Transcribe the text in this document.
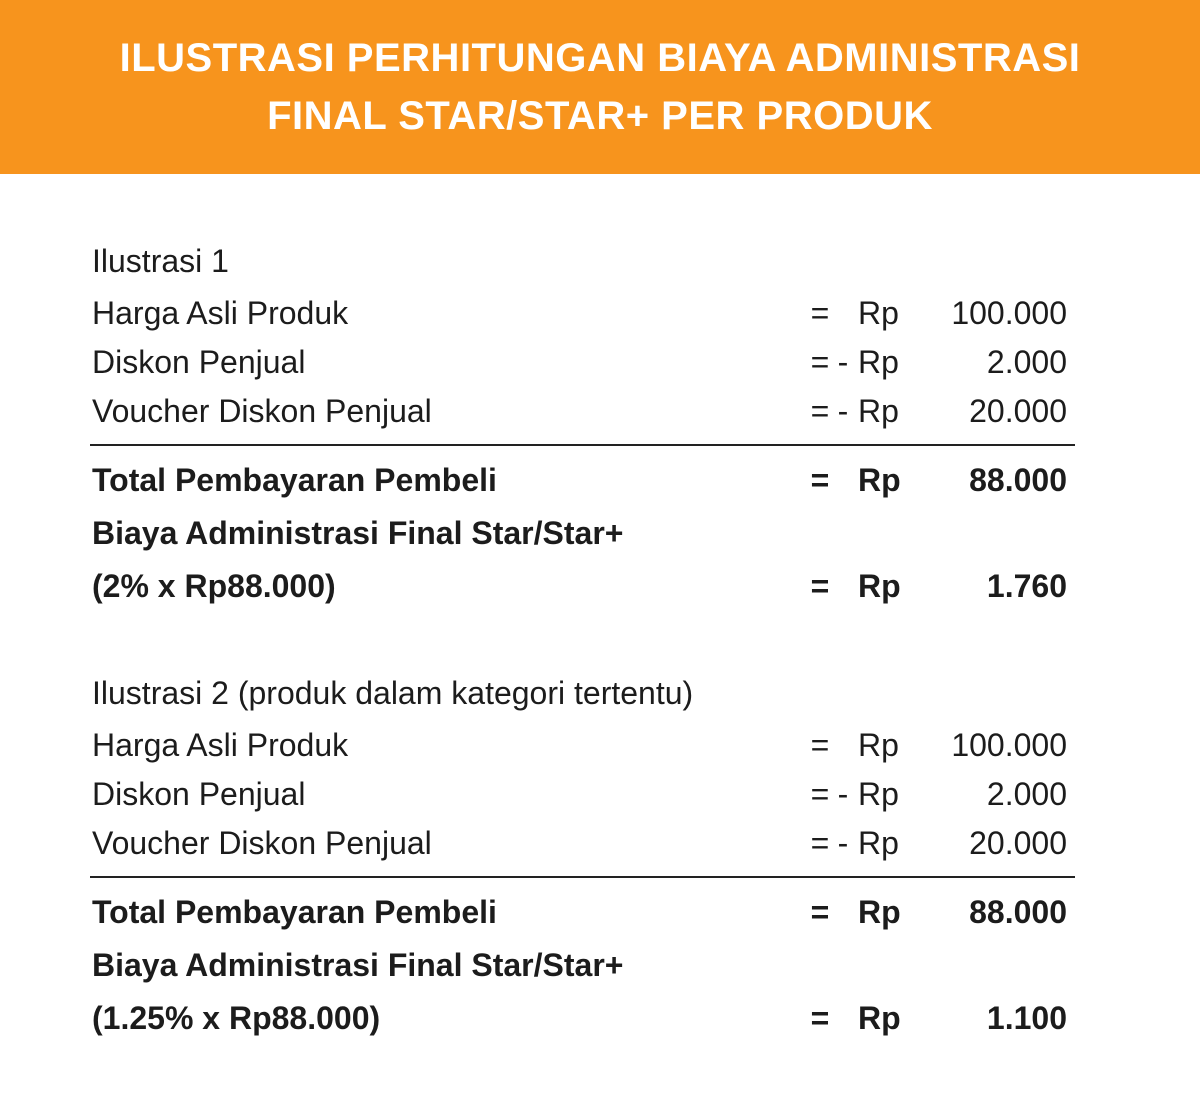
ILUSTRASI PERHITUNGAN BIAYA ADMINISTRASI
FINAL STAR/STAR+ PER PRODUK
Ilustrasi 1
Harga Asli Produk	= Rp 100.000
Diskon Penjual	= - Rp	2.000
Voucher Diskon Penjual	= - Rp 20.000
Total Pembayaran Pembeli	= Rp 88.000
Biaya Administrasi Final Star/Star+
(2% x Rp88.000)	= Rp	1.760
Ilustrasi 2 (produk dalam kategori tertentu)
Harga Asli Produk	= Rp 100.000
Diskon Penjual	= - Rp	2.000
Voucher Diskon Penjual	= - Rp 20.000
Total Pembayaran Pembeli	= Rp 88.000
Biaya Administrasi Final Star/Star+
(1.25% x Rp88.000)	= Rp	1.100
